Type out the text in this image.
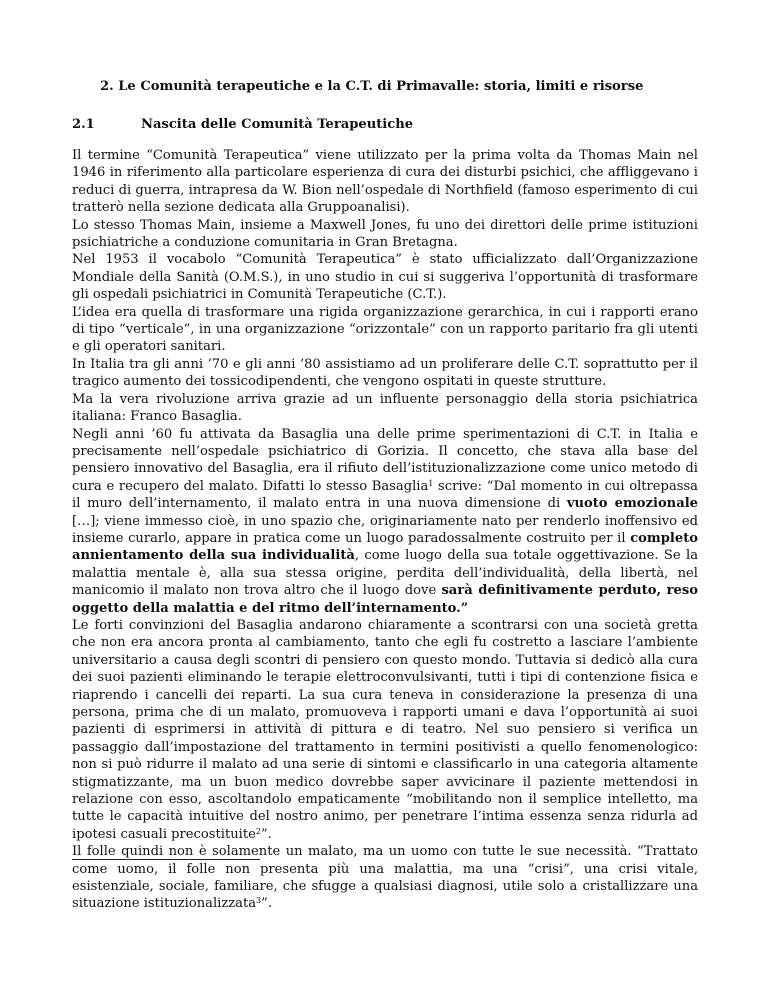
2. Le Comunità terapeutiche e la C.T. di Primavalle: storia, limiti e risorse
2.1	Nascita delle Comunità Terapeutiche

Il termine “Comunità Terapeutica” viene utilizzato per la prima volta da Thomas Main nel 1946 in riferimento alla particolare esperienza di cura dei disturbi psichici, che affliggevano i reduci di guerra, intrapresa da W. Bion nell’ospedale di Northfield (famoso esperimento di cui tratterò nella sezione dedicata alla Gruppoanalisi).

Lo stesso Thomas Main, insieme a Maxwell Jones, fu uno dei direttori delle prime istituzioni psichiatriche a conduzione comunitaria in Gran Bretagna.

Nel 1953 il vocabolo “Comunità Terapeutica” è stato ufficializzato dall’Organizzazione Mondiale della Sanità (O.M.S.), in uno studio in cui si suggeriva l’opportunità di trasformare gli ospedali psichiatrici in Comunità Terapeutiche (C.T.).

L’idea era quella di trasformare una rigida organizzazione gerarchica, in cui i rapporti erano di tipo “verticale”, in una organizzazione “orizzontale” con un rapporto paritario fra gli utenti e gli operatori sanitari.

In Italia tra gli anni ’70 e gli anni ’80 assistiamo ad un proliferare delle C.T. soprattutto per il tragico aumento dei tossicodipendenti, che vengono ospitati in queste strutture.

Ma la vera rivoluzione arriva grazie ad un influente personaggio della storia psichiatrica italiana: Franco Basaglia.

Negli anni ’60 fu attivata da Basaglia una delle prime sperimentazioni di C.T. in Italia e precisamente nell’ospedale psichiatrico di Gorizia. Il concetto, che stava alla base del pensiero innovativo del Basaglia, era il rifiuto dell’istituzionalizzazione come unico metodo di cura e recupero del malato. Difatti lo stesso Basaglia$^1$ scrive: “Dal momento in cui oltrepassa il muro dell’internamento, il malato entra in una nuova dimensione di vuoto emozionale […]; viene immesso cioè, in uno spazio che, originariamente nato per renderlo inoffensivo ed insieme curarlo, appare in pratica come un luogo paradossalmente costruito per il completo annientamento della sua individualità, come luogo della sua totale oggettivazione. Se la malattia mentale è, alla sua stessa origine, perdita dell’individualità, della libertà, nel manicomio il malato non trova altro che il luogo dove sarà definitivamente perduto, reso oggetto della malattia e del ritmo dell’internamento.”

Le forti convinzioni del Basaglia andarono chiaramente a scontrarsi con una società gretta che non era ancora pronta al cambiamento, tanto che egli fu costretto a lasciare l’ambiente universitario a causa degli scontri di pensiero con questo mondo. Tuttavia si dedicò alla cura dei suoi pazienti eliminando le terapie elettroconvulsivanti, tutti i tipi di contenzione fisica e riaprendo i cancelli dei reparti. La sua cura teneva in considerazione la presenza di una persona, prima che di un malato, promuoveva i rapporti umani e dava l’opportunità ai suoi pazienti di esprimersi in attività di pittura e di teatro. Nel suo pensiero si verifica un passaggio dall’impostazione del trattamento in termini positivisti a quello fenomenologico: non si può ridurre il malato ad una serie di sintomi e classificarlo in una categoria altamente stigmatizzante, ma un buon medico dovrebbe saper avvicinare il paziente mettendosi in relazione con esso, ascoltandolo empaticamente “mobilitando non il semplice intelletto, ma tutte le capacità intuitive del nostro animo, per penetrare l’intima essenza senza ridurla ad ipotesi casuali precostituite$^2$”.

Il folle quindi non è solamente un malato, ma un uomo con tutte le sue necessità. “Trattato come uomo, il folle non presenta più una malattia, ma una “crisi”, una crisi vitale, esistenziale, sociale, familiare, che sfugge a qualsiasi diagnosi, utile solo a cristallizzare una situazione istituzionalizzata$^3$”.
